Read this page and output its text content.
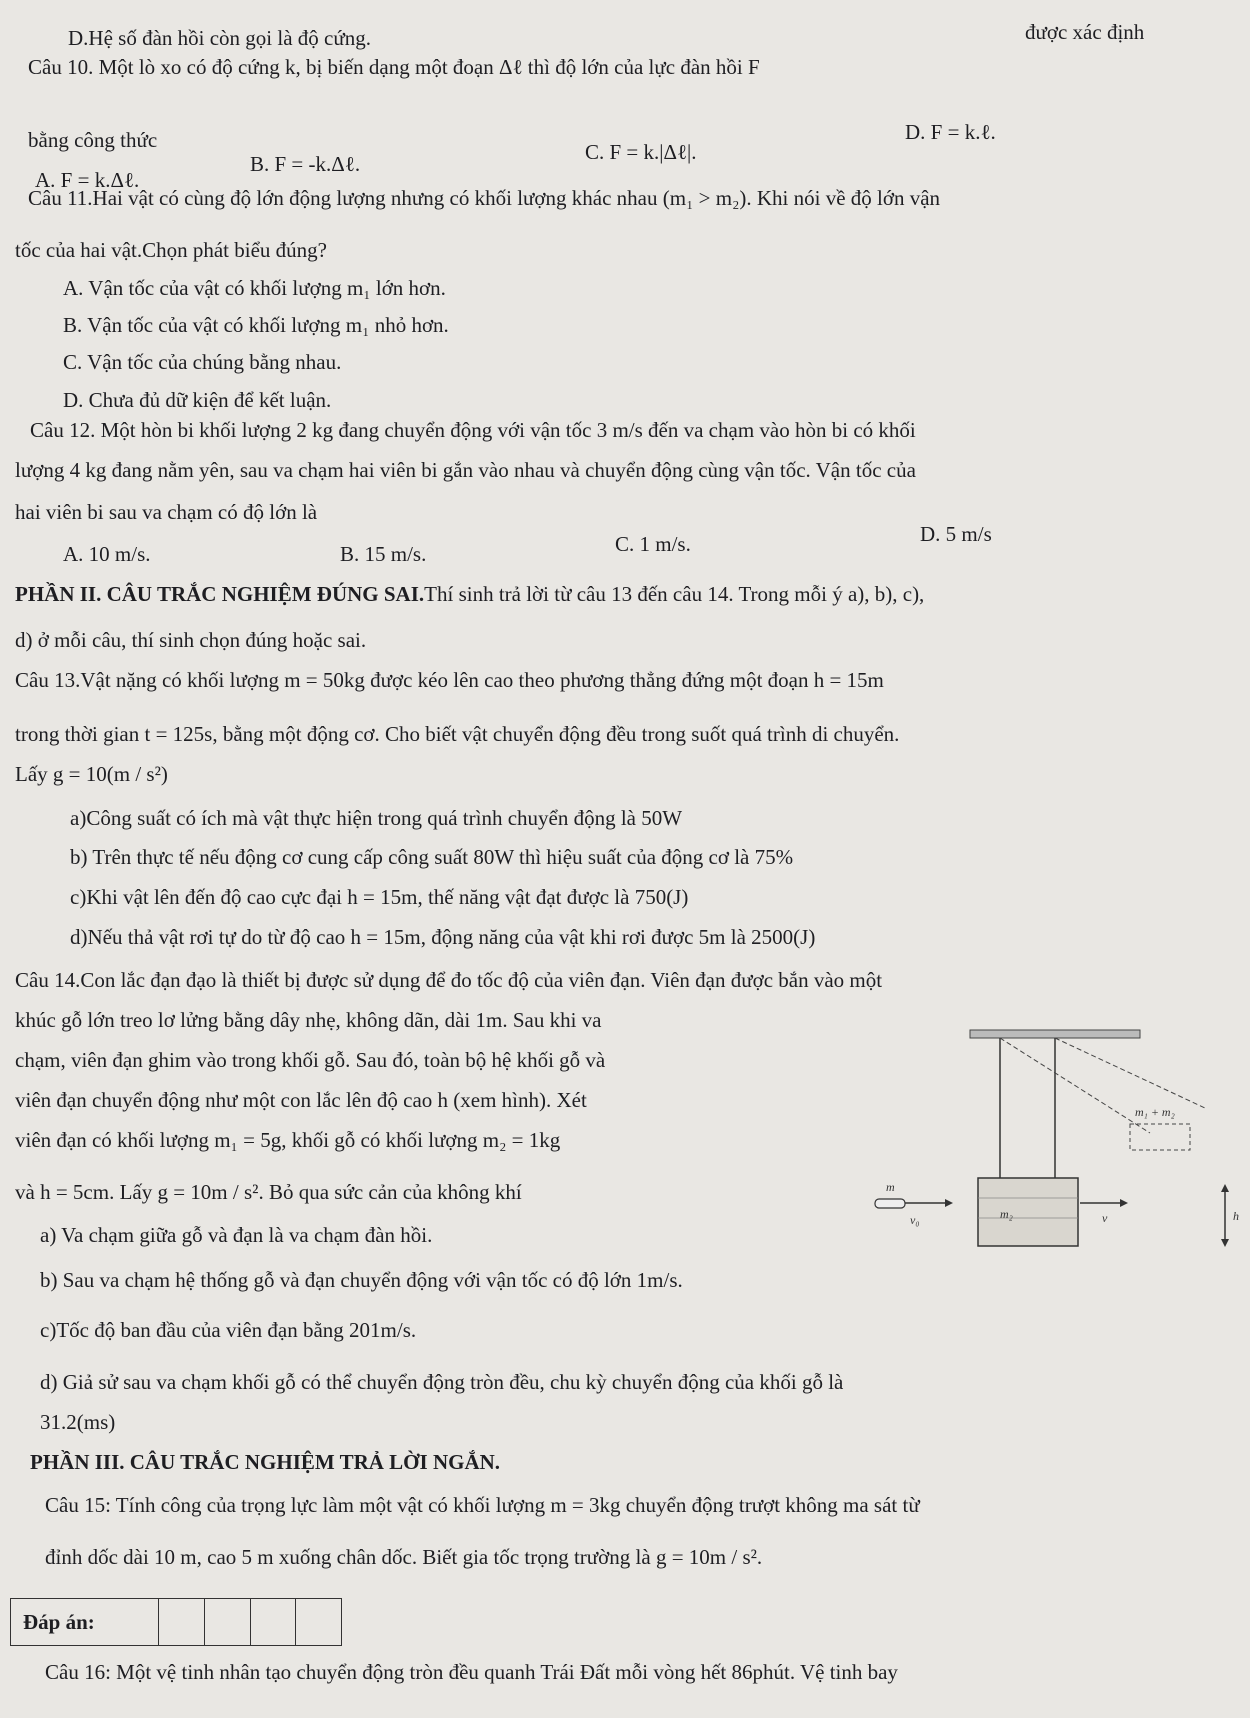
D.Hệ số đàn hồi còn gọi là độ cứng.
Câu 10. Một lò xo có độ cứng k, bị biến dạng một đoạn Δℓ thì độ lớn của lực đàn hồi F
được xác định
bằng công thức
Câu 11.Hai vật có cùng độ lớn động lượng nhưng có khối lượng khác nhau (m₁ > m₂). Khi nói về độ lớn vận
tốc của hai vật.Chọn phát biểu đúng?
A. Vận tốc của vật có khối lượng m₁ lớn hơn.
B. Vận tốc của vật có khối lượng m₁ nhỏ hơn.
C. Vận tốc của chúng bằng nhau.
D. Chưa đủ dữ kiện để kết luận.
Câu 12. Một hòn bi khối lượng 2 kg đang chuyển động với vận tốc 3 m/s đến va chạm vào hòn bi có khối
lượng 4 kg đang nằm yên, sau va chạm hai viên bi gắn vào nhau và chuyển động cùng vận tốc. Vận tốc của
hai viên bi sau va chạm có độ lớn là
trong thời gian t = 125s, bằng một động cơ. Cho biết vật chuyển động đều trong suốt quá trình di chuyển.
Lấy g = 10(m / s²)
a)Công suất có ích mà vật thực hiện trong quá trình chuyển động là 50W
b) Trên thực tế nếu động cơ cung cấp công suất 80W thì hiệu suất của động cơ là 75%
c)Khi vật lên đến độ cao cực đại h = 15m, thế năng vật đạt được là 750(J)
d)Nếu thả vật rơi tự do từ độ cao h = 15m, động năng của vật khi rơi được 5m là 2500(J)
Câu 14.Con lắc đạn đạo là thiết bị được sử dụng để đo tốc độ của viên đạn. Viên đạn được bắn vào một
khúc gỗ lớn treo lơ lửng bằng dây nhẹ, không dãn, dài 1m. Sau khi va
chạm, viên đạn ghim vào trong khối gỗ. Sau đó, toàn bộ hệ khối gỗ và
viên đạn chuyển động như một con lắc lên độ cao h (xem hình). Xét
viên đạn có khối lượng m₁ = 5g, khối gỗ có khối lượng m₂ = 1kg
và h = 5cm. Lấy g = 10m / s². Bỏ qua sức cản của không khí
a) Va chạm giữa gỗ và đạn là va chạm đàn hồi.
b) Sau va chạm hệ thống gỗ và đạn chuyển động với vận tốc có độ lớn 1m/s.
c)Tốc độ ban đầu của viên đạn bằng 201m/s.
d) Giả sử sau va chạm khối gỗ có thể chuyển động tròn đều, chu kỳ chuyển động của khối gỗ là
31.2(ms)
Câu 15: Tính công của trọng lực làm một vật có khối lượng m = 3kg chuyển động trượt không ma sát từ
đỉnh dốc dài 10 m, cao 5 m xuống chân dốc. Biết gia tốc trọng trường là g = 10m / s².
Câu 16: Một vệ tinh nhân tạo chuyển động tròn đều quanh Trái Đất mỗi vòng hết 86phút. Vệ tinh bay
A. F = k.Δℓ.
B. F = -k.Δℓ.	C. F = k.|Δℓ|.
D. F = k.ℓ.
A. 10 m/s.	B. 15 m/s.	C. 1 m/s.	D. 5 m/s
PHẦN II. CÂU TRẮC NGHIỆM ĐÚNG SAI.Thí sinh trả lời từ câu 13 đến câu 14. Trong mỗi ý a), b), c),
d) ở mỗi câu, thí sinh chọn đúng hoặc sai.
Câu 13.Vật nặng có khối lượng m = 50kg được kéo lên cao theo phương thẳng đứng một đoạn h = 15m
PHẦN III. CÂU TRẮC NGHIỆM TRẢ LỜI NGẮN.
Đáp án:
m₁ + m₂
m₂
m
v₀	v	h
